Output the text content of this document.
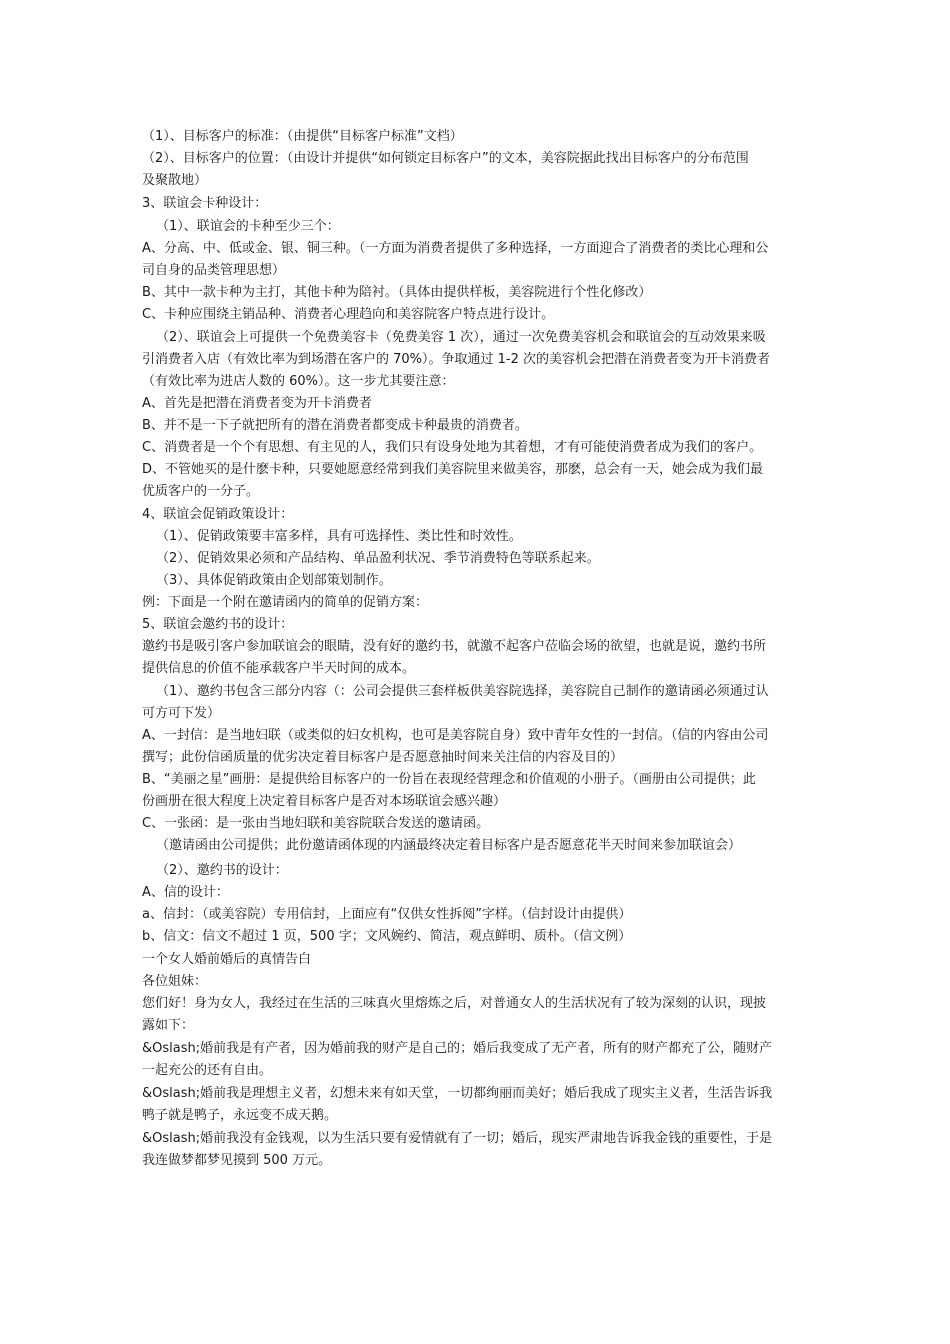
（1）、目标客户的标准：（由提供“目标客户标准”文档）

（2）、目标客户的位置：（由设计并提供“如何锁定目标客户”的文本，美容院据此找出目标客户的分布范围

及聚散地）

3、联谊会卡种设计：

（1）、联谊会的卡种至少三个：

A、分高、中、低或金、银、铜三种。（一方面为消费者提供了多种选择，一方面迎合了消费者的类比心理和公

司自身的品类管理思想）

B、其中一款卡种为主打，其他卡种为陪衬。（具体由提供样板，美容院进行个性化修改）

C、卡种应围绕主销品种、消费者心理趋向和美容院客户特点进行设计。

（2）、联谊会上可提供一个免费美容卡（免费美容 1 次），通过一次免费美容机会和联谊会的互动效果来吸

引消费者入店（有效比率为到场潜在客户的 70%）。争取通过 1-2 次的美容机会把潜在消费者变为开卡消费者

（有效比率为进店人数的 60%）。这一步尤其要注意：

A、首先是把潜在消费者变为开卡消费者

B、并不是一下子就把所有的潜在消费者都变成卡种最贵的消费者。

C、消费者是一个个有思想、有主见的人，我们只有设身处地为其着想，才有可能使消费者成为我们的客户。

D、不管她买的是什麽卡种，只要她愿意经常到我们美容院里来做美容，那麽，总会有一天，她会成为我们最

优质客户的一分子。

4、联谊会促销政策设计：

（1）、促销政策要丰富多样，具有可选择性、类比性和时效性。

（2）、促销效果必须和产品结构、单品盈利状况、季节消费特色等联系起来。

（3）、具体促销政策由企划部策划制作。

例：下面是一个附在邀请函内的简单的促销方案：

5、联谊会邀约书的设计：

邀约书是吸引客户参加联谊会的眼睛，没有好的邀约书，就激不起客户莅临会场的欲望，也就是说，邀约书所

提供信息的价值不能承载客户半天时间的成本。

（1）、邀约书包含三部分内容（：公司会提供三套样板供美容院选择，美容院自己制作的邀请函必须通过认

可方可下发）

A、一封信：是当地妇联（或类似的妇女机构，也可是美容院自身）致中青年女性的一封信。（信的内容由公司

撰写；此份信函质量的优劣决定着目标客户是否愿意抽时间来关注信的内容及目的）

B、“美丽之星”画册：是提供给目标客户的一份旨在表现经营理念和价值观的小册子。（画册由公司提供；此

份画册在很大程度上决定着目标客户是否对本场联谊会感兴趣）

C、一张函：是一张由当地妇联和美容院联合发送的邀请函。

（邀请函由公司提供；此份邀请函体现的内涵最终决定着目标客户是否愿意花半天时间来参加联谊会）

（2）、邀约书的设计：

A、信的设计：

a、信封：（或美容院）专用信封，上面应有“仅供女性拆阅”字样。（信封设计由提供）

b、信文：信文不超过 1 页，500 字；文风婉约、简洁，观点鲜明、质朴。（信文例）

一个女人婚前婚后的真情告白

各位姐妹：

您们好！身为女人，我经过在生活的三味真火里熔炼之后，对普通女人的生活状况有了较为深刻的认识，现披

露如下：

&Oslash;婚前我是有产者，因为婚前我的财产是自己的；婚后我变成了无产者，所有的财产都充了公，随财产

一起充公的还有自由。

&Oslash;婚前我是理想主义者，幻想未来有如天堂，一切都绚丽而美好；婚后我成了现实主义者，生活告诉我

鸭子就是鸭子，永远变不成天鹅。

&Oslash;婚前我没有金钱观，以为生活只要有爱情就有了一切；婚后，现实严肃地告诉我金钱的重要性，于是

我连做梦都梦见摸到 500 万元。
